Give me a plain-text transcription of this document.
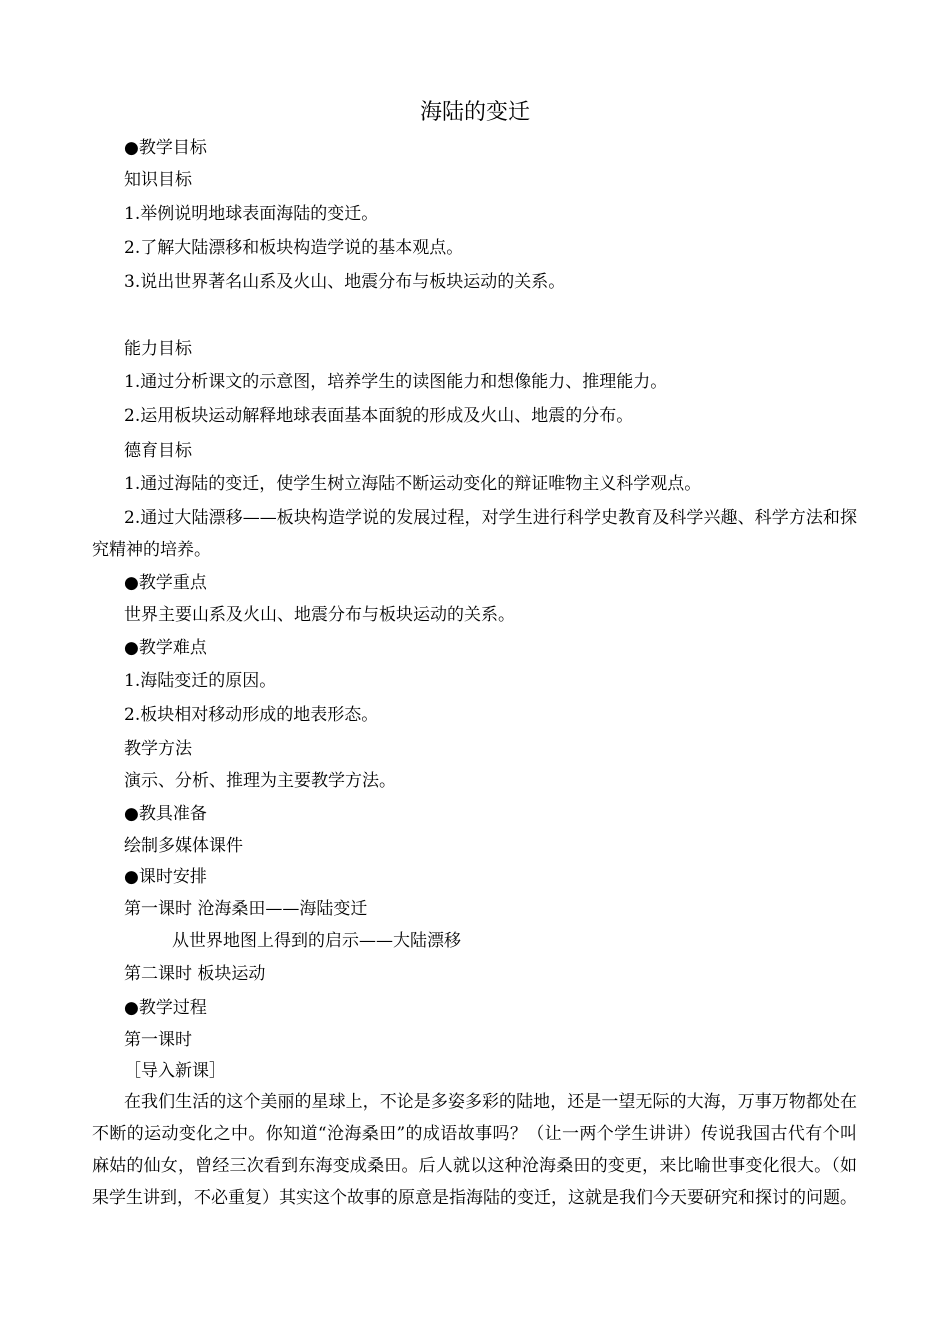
海陆的变迁
●教学目标
知识目标
1.举例说明地球表面海陆的变迁。
2.了解大陆漂移和板块构造学说的基本观点。
3.说出世界著名山系及火山、地震分布与板块运动的关系。
能力目标
1.通过分析课文的示意图，培养学生的读图能力和想像能力、推理能力。
2.运用板块运动解释地球表面基本面貌的形成及火山、地震的分布。
德育目标
1.通过海陆的变迁，使学生树立海陆不断运动变化的辩证唯物主义科学观点。
2.通过大陆漂移——板块构造学说的发展过程，对学生进行科学史教育及科学兴趣、科学方法和探究精神的培养。
●教学重点
世界主要山系及火山、地震分布与板块运动的关系。
●教学难点
1.海陆变迁的原因。
2.板块相对移动形成的地表形态。
教学方法
演示、分析、推理为主要教学方法。
●教具准备
绘制多媒体课件
●课时安排
第一课时 沧海桑田——海陆变迁
从世界地图上得到的启示——大陆漂移
第二课时 板块运动
●教学过程
第一课时
［导入新课］
在我们生活的这个美丽的星球上，不论是多姿多彩的陆地，还是一望无际的大海，万事万物都处在不断的运动变化之中。你知道“沧海桑田”的成语故事吗？（让一两个学生讲讲）传说我国古代有个叫麻姑的仙女，曾经三次看到东海变成桑田。后人就以这种沧海桑田的变更，来比喻世事变化很大。（如果学生讲到，不必重复）其实这个故事的原意是指海陆的变迁，这就是我们今天要研究和探讨的问题。
